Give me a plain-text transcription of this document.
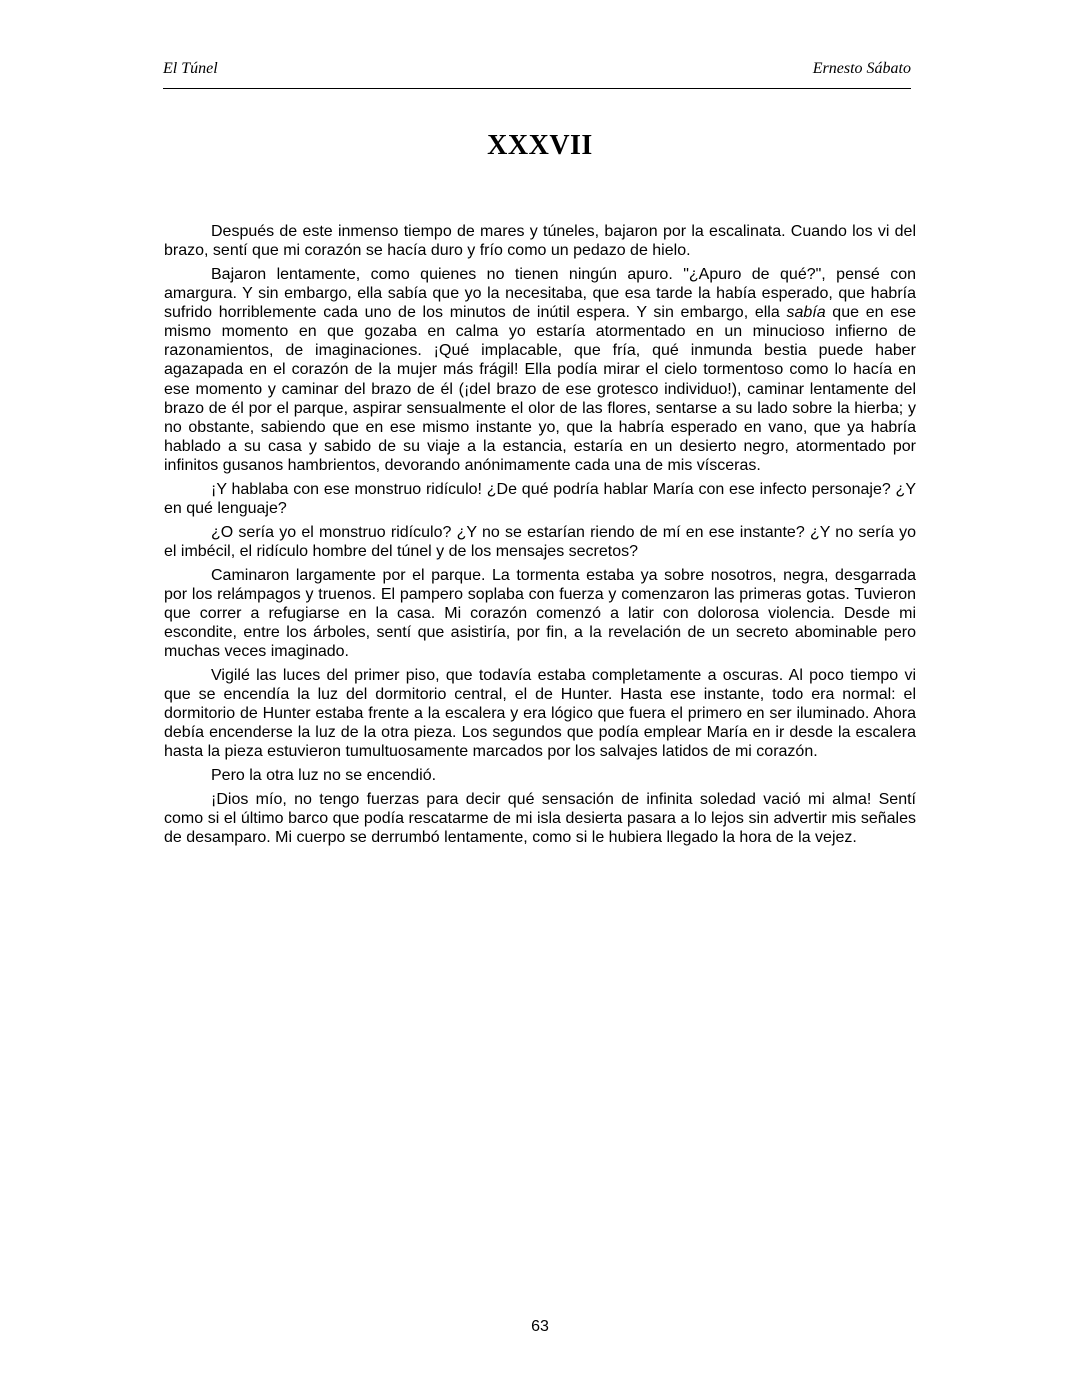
El Túnel	Ernesto Sábato
XXXVII

Después de este inmenso tiempo de mares y túneles, bajaron por la escalinata. Cuando los vi del brazo, sentí que mi corazón se hacía duro y frío como un pedazo de hielo.

Bajaron lentamente, como quienes no tienen ningún apuro. "¿Apuro de qué?", pensé con amargura. Y sin embargo, ella sabía que yo la necesitaba, que esa tarde la había esperado, que habría sufrido horriblemente cada uno de los minutos de inútil espera. Y sin embargo, ella sabía que en ese mismo momento en que gozaba en calma yo estaría atormentado en un minucioso infierno de razonamientos, de imaginaciones. ¡Qué implacable, que fría, qué inmunda bestia puede haber agazapada en el corazón de la mujer más frágil! Ella podía mirar el cielo tormentoso como lo hacía en ese momento y caminar del brazo de él (¡del brazo de ese grotesco individuo!), caminar lentamente del brazo de él por el parque, aspirar sensualmente el olor de las flores, sentarse a su lado sobre la hierba; y no obstante, sabiendo que en ese mismo instante yo, que la habría esperado en vano, que ya habría hablado a su casa y sabido de su viaje a la estancia, estaría en un desierto negro, atormentado por infinitos gusanos hambrientos, devorando anónimamente cada una de mis vísceras.

¡Y hablaba con ese monstruo ridículo! ¿De qué podría hablar María con ese infecto personaje? ¿Y en qué lenguaje?

¿O sería yo el monstruo ridículo? ¿Y no se estarían riendo de mí en ese instante? ¿Y no sería yo el imbécil, el ridículo hombre del túnel y de los mensajes secretos?

Caminaron largamente por el parque. La tormenta estaba ya sobre nosotros, negra, desgarrada por los relámpagos y truenos. El pampero soplaba con fuerza y comenzaron las primeras gotas. Tuvieron que correr a refugiarse en la casa. Mi corazón comenzó a latir con dolorosa violencia. Desde mi escondite, entre los árboles, sentí que asistiría, por fin, a la revelación de un secreto abominable pero muchas veces imaginado.

Vigilé las luces del primer piso, que todavía estaba completamente a oscuras. Al poco tiempo vi que se encendía la luz del dormitorio central, el de Hunter. Hasta ese instante, todo era normal: el dormitorio de Hunter estaba frente a la escalera y era lógico que fuera el primero en ser iluminado. Ahora debía encenderse la luz de la otra pieza. Los segundos que podía emplear María en ir desde la escalera hasta la pieza estuvieron tumultuosamente marcados por los salvajes latidos de mi corazón.

Pero la otra luz no se encendió.

¡Dios mío, no tengo fuerzas para decir qué sensación de infinita soledad vació mi alma! Sentí como si el último barco que podía rescatarme de mi isla desierta pasara a lo lejos sin advertir mis señales de desamparo. Mi cuerpo se derrumbó lentamente, como si le hubiera llegado la hora de la vejez.

63
